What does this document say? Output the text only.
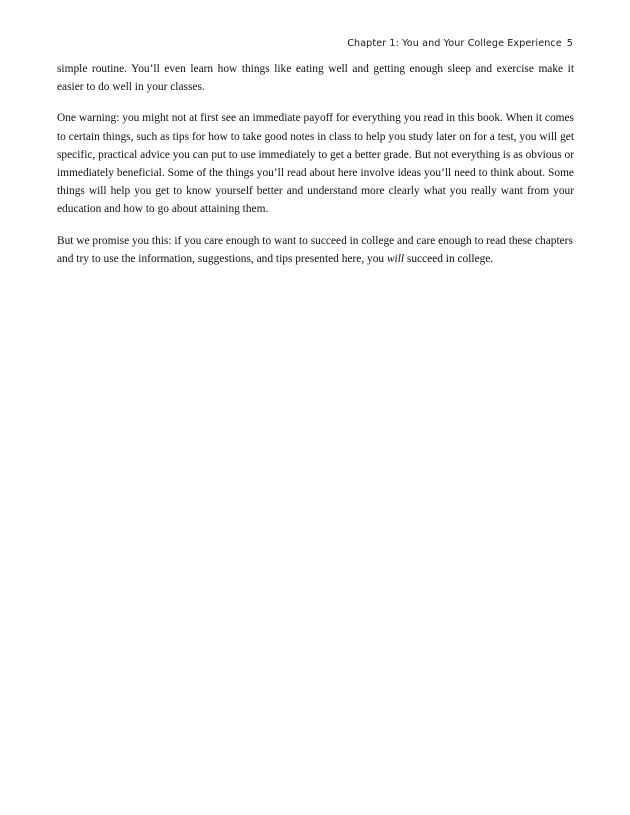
Chapter 1: You and Your College Experience 5

simple routine. You’ll even learn how things like eating well and getting enough sleep and exercise make it easier to do well in your classes.

One warning: you might not at first see an immediate payoff for everything you read in this book. When it comes to certain things, such as tips for how to take good notes in class to help you study later on for a test, you will get specific, practical advice you can put to use immediately to get a better grade. But not everything is as obvious or immediately beneficial. Some of the things you’ll read about here involve ideas you’ll need to think about. Some things will help you get to know yourself better and understand more clearly what you really want from your education and how to go about attaining them.

But we promise you this: if you care enough to want to succeed in college and care enough to read these chapters and try to use the information, suggestions, and tips presented here, you will succeed in college.
